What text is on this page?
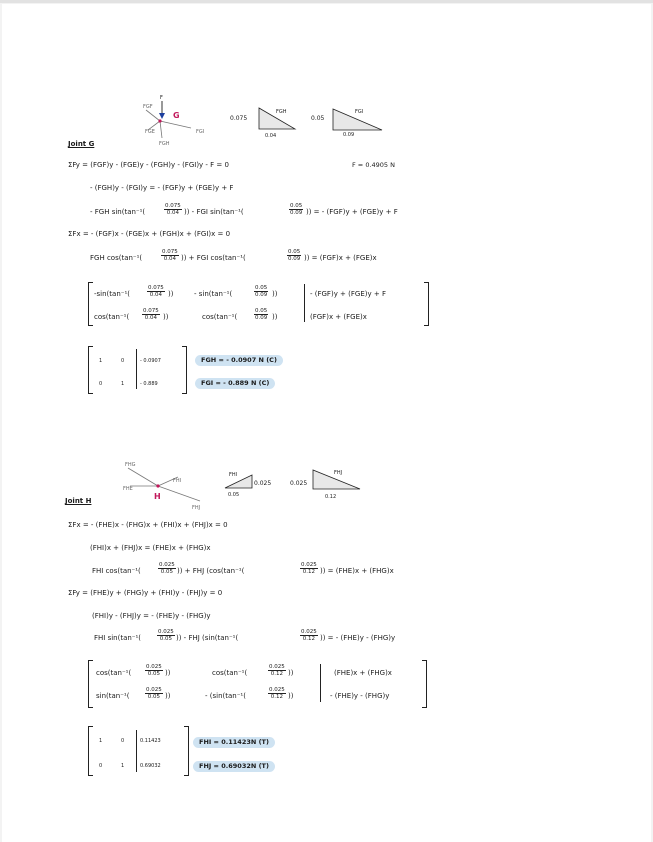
F
FGF
G
FGE	FGI
FGH
0.075
0.04
FGH
0.05
0.09
FGI
Joint G
F = 0.4905 N
ΣFy = (FGF)y - (FGE)y - (FGH)y - (FGI)y - F = 0
- (FGH)y - (FGI)y = - (FGF)y + (FGE)y + F
- FGH sin(tan⁻¹(	$\frac{0.075}{0.04}$ )) - FGI sin(tan⁻¹(	$\frac{0.05}{0.09}$ )) = - (FGF)y + (FGE)y + F
ΣFx = - (FGF)x - (FGE)x + (FGH)x + (FGI)x = 0
FGH cos(tan⁻¹(	$\frac{0.075}{0.04}$ )) + FGI cos(tan⁻¹(	$\frac{0.05}{0.09}$ )) = (FGF)x + (FGE)x
-sin(tan⁻¹(	$\frac{0.075}{0.04}$ ))	- sin(tan⁻¹(	$\frac{0.05}{0.09}$ ))	- (FGF)y + (FGE)y + F
$\cos(\tan^{-1}( \frac{0.075}{0.04}$ ))	cos(tan⁻¹(	$\frac{0.05}{0.09}$ ))	(FGF)x + (FGE)x
1	0	- 0.0907
0	1	- 0.889
FGH = - 0.0907 N (C)
FGI = - 0.889 N (C)
FHG
FHI
FHE
H
FHJ
FHI
0.025
0.05
0.025
FHJ
0.12
Joint H
ΣFx = - (FHE)x - (FHG)x + (FHI)x + (FHJ)x = 0
(FHI)x + (FHJ)x = (FHE)x + (FHG)x
FHI cos(tan⁻¹(	$\frac{0.025}{0.05}$ )) + FHJ (cos(tan⁻¹(	$\frac{0.025}{0.12}$ )) = (FHE)x + (FHG)x
ΣFy = (FHE)y + (FHG)y + (FHI)y - (FHJ)y = 0
(FHI)y - (FHJ)y = - (FHE)y - (FHG)y
FHI sin(tan⁻¹(	$\frac{0.025}{0.05}$ )) - FHJ (sin(tan⁻¹(	$\frac{0.025}{0.12}$ )) = - (FHE)y - (FHG)y
cos(tan⁻¹(	$\frac{0.025}{0.05}$ ))	cos(tan⁻¹(	$\frac{0.025}{0.12}$ ))	(FHE)x + (FHG)x
sin(tan⁻¹(	$\frac{0.025}{0.05}$ ))	- (sin(tan⁻¹(	$\frac{0.025}{0.12}$ ))	- (FHE)y - (FHG)y
1	0	0.11423
0	1	0.69032
FHI = 0.11423N (T)
FHJ = 0.69032N (T)
